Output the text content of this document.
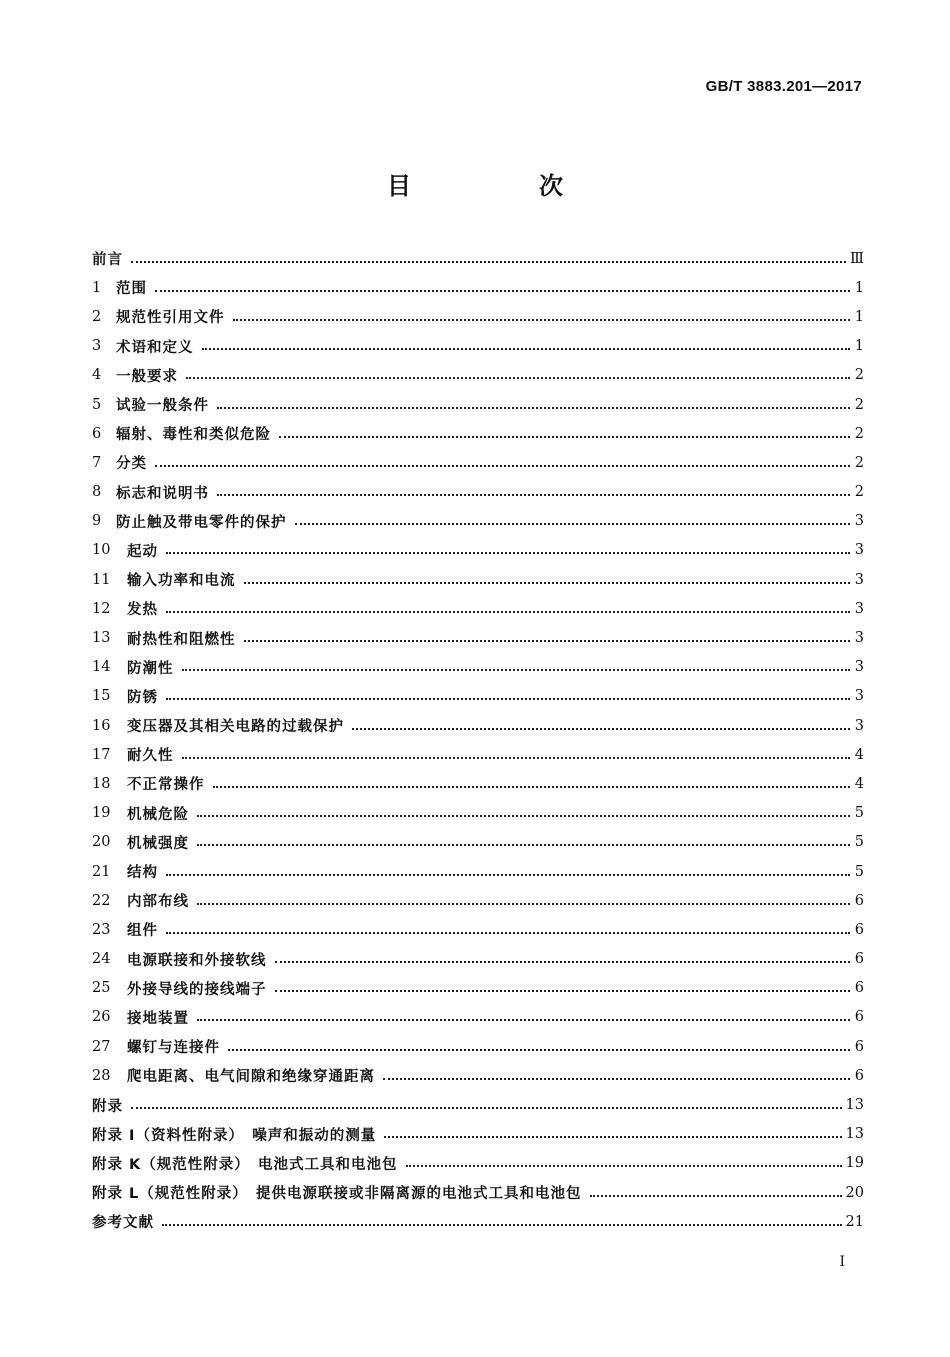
GB/T 3883.201—2017
目　次
前言	Ⅲ
1	范围	1
2	规范性引用文件	1
3	术语和定义	1
4	一般要求	2
5	试验一般条件	2
6	辐射、毒性和类似危险	2
7	分类	2
8	标志和说明书	2
9	防止触及带电零件的保护	3
10	起动	3
11	输入功率和电流	3
12	发热	3
13	耐热性和阻燃性	3
14	防潮性	3
15	防锈	3
16	变压器及其相关电路的过载保护	3
17	耐久性	4
18	不正常操作	4
19	机械危险	5
20	机械强度	5
21	结构	5
22	内部布线	6
23	组件	6
24	电源联接和外接软线	6
25	外接导线的接线端子	6
26	接地装置	6
27	螺钉与连接件	6
28	爬电距离、电气间隙和绝缘穿通距离	6
附录	13
附录 I（资料性附录）　噪声和振动的测量	13
附录 K（规范性附录）　电池式工具和电池包	19
附录 L（规范性附录）　提供电源联接或非隔离源的电池式工具和电池包	20
参考文献	21
I
